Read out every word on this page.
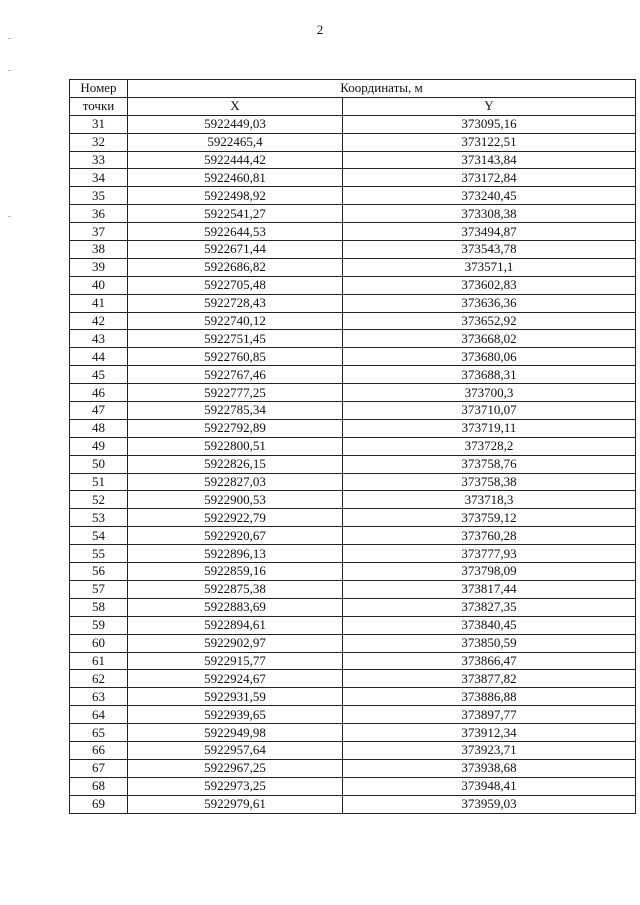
2
Номер	Координаты, м	
точки	X	Y
31	5922449,03	373095,16
32	5922465,4	373122,51
33	5922444,42	373143,84
34	5922460,81	373172,84
35	5922498,92	373240,45
36	5922541,27	373308,38
37	5922644,53	373494,87
38	5922671,44	373543,78
39	5922686,82	373571,1
40	5922705,48	373602,83
41	5922728,43	373636,36
42	5922740,12	373652,92
43	5922751,45	373668,02
44	5922760,85	373680,06
45	5922767,46	373688,31
46	5922777,25	373700,3
47	5922785,34	373710,07
48	5922792,89	373719,11
49	5922800,51	373728,2
50	5922826,15	373758,76
51	5922827,03	373758,38
52	5922900,53	373718,3
53	5922922,79	373759,12
54	5922920,67	373760,28
55	5922896,13	373777,93
56	5922859,16	373798,09
57	5922875,38	373817,44
58	5922883,69	373827,35
59	5922894,61	373840,45
60	5922902,97	373850,59
61	5922915,77	373866,47
62	5922924,67	373877,82
63	5922931,59	373886,88
64	5922939,65	373897,77
65	5922949,98	373912,34
66	5922957,64	373923,71
67	5922967,25	373938,68
68	5922973,25	373948,41
69	5922979,61	373959,03
